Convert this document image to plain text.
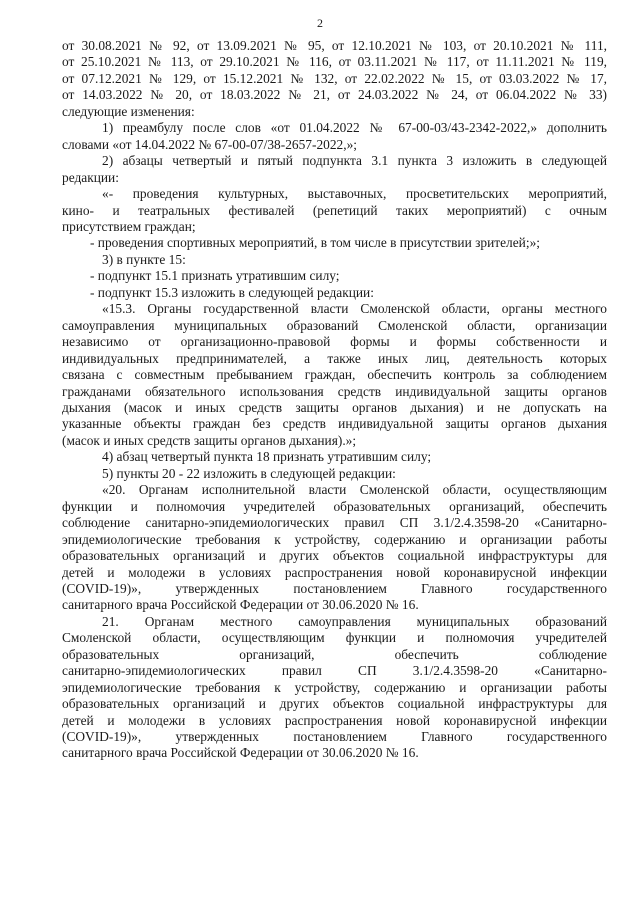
2
от 30.08.2021 № 92, от 13.09.2021 № 95, от 12.10.2021 № 103, от 20.10.2021 № 111,
от 25.10.2021 № 113, от 29.10.2021 № 116, от 03.11.2021 № 117, от 11.11.2021 № 119,
от 07.12.2021 № 129, от 15.12.2021 № 132, от 22.02.2022 № 15, от 03.03.2022 № 17,
от 14.03.2022 № 20, от 18.03.2022 № 21, от 24.03.2022 № 24, от 06.04.2022 № 33)
следующие изменения:
1) преамбулу после слов «от 01.04.2022 № 67-00-03/43-2342-2022,» дополнить
словами «от 14.04.2022 № 67-00-07/38-2657-2022,»;
2) абзацы четвертый и пятый подпункта 3.1 пункта 3 изложить в следующей
редакции:
«- проведения культурных, выставочных, просветительских мероприятий,
кино- и театральных фестивалей (репетиций таких мероприятий) с очным
присутствием граждан;
- проведения спортивных мероприятий, в том числе в присутствии зрителей;»;
3) в пункте 15:
- подпункт 15.1 признать утратившим силу;
- подпункт 15.3 изложить в следующей редакции:
«15.3. Органы государственной власти Смоленской области, органы местного
самоуправления муниципальных образований Смоленской области, организации
независимо от организационно-правовой формы и формы собственности и
индивидуальных предпринимателей, а также иных лиц, деятельность которых
связана с совместным пребыванием граждан, обеспечить контроль за соблюдением
гражданами обязательного использования средств индивидуальной защиты органов
дыхания (масок и иных средств защиты органов дыхания) и не допускать на
указанные объекты граждан без средств индивидуальной защиты органов дыхания
(масок и иных средств защиты органов дыхания).»;
4) абзац четвертый пункта 18 признать утратившим силу;
5) пункты 20 - 22 изложить в следующей редакции:
«20. Органам исполнительной власти Смоленской области, осуществляющим
функции и полномочия учредителей образовательных организаций, обеспечить
соблюдение санитарно-эпидемиологических правил СП 3.1/2.4.3598-20 «Санитарно-
эпидемиологические требования к устройству, содержанию и организации работы
образовательных организаций и других объектов социальной инфраструктуры для
детей и молодежи в условиях распространения новой коронавирусной инфекции
(COVID-19)», утвержденных постановлением Главного государственного
санитарного врача Российской Федерации от 30.06.2020 № 16.
21. Органам местного самоуправления муниципальных образований
Смоленской области, осуществляющим функции и полномочия учредителей
образовательных организаций, обеспечить соблюдение
санитарно-эпидемиологических правил СП 3.1/2.4.3598-20 «Санитарно-
эпидемиологические требования к устройству, содержанию и организации работы
образовательных организаций и других объектов социальной инфраструктуры для
детей и молодежи в условиях распространения новой коронавирусной инфекции
(COVID-19)», утвержденных постановлением Главного государственного
санитарного врача Российской Федерации от 30.06.2020 № 16.
